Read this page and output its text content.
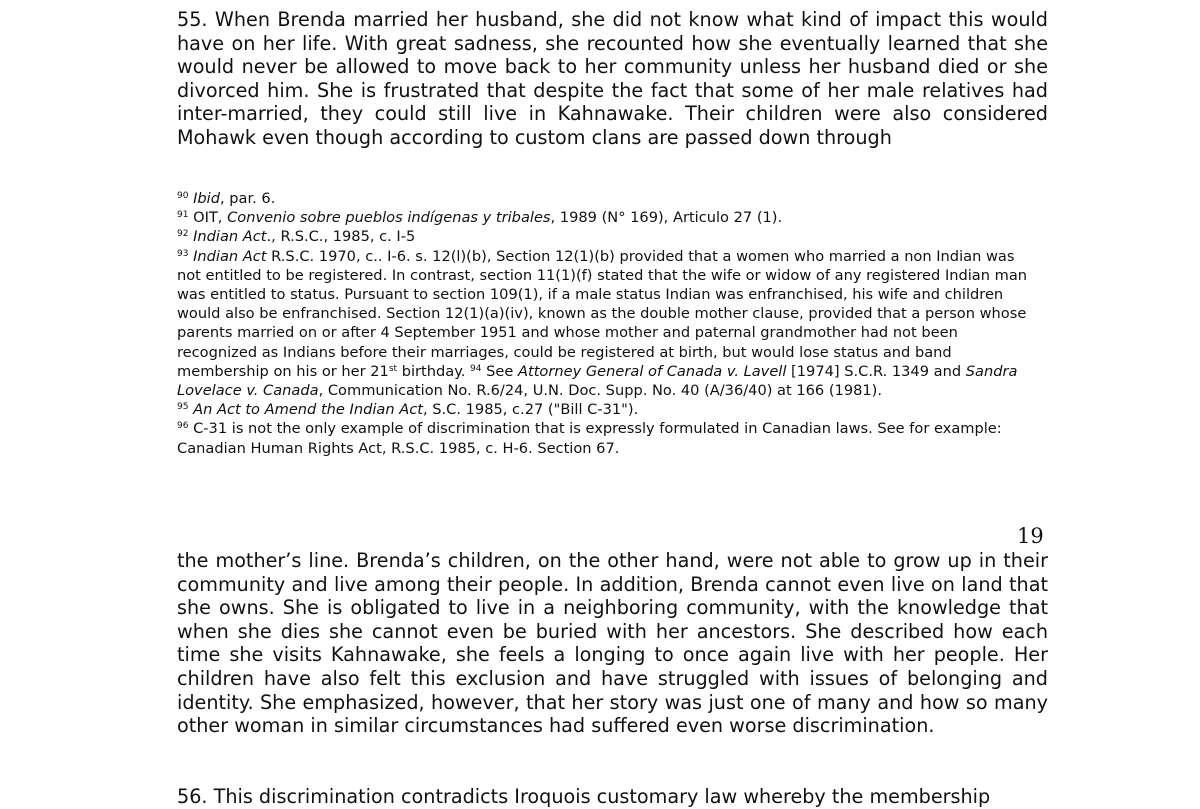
55. When Brenda married her husband, she did not know what kind of impact this would have on her life. With great sadness, she recounted how she eventually learned that she would never be allowed to move back to her community unless her husband died or she divorced him. She is frustrated that despite the fact that some of her male relatives had inter-married, they could still live in Kahnawake. Their children were also considered Mohawk even though according to custom clans are passed down through

$^{90}$ Ibid, par. 6.

$^{91}$ OIT, Convenio sobre pueblos indígenas y tribales, 1989 (N° 169), Articulo 27 (1).

$^{92}$ Indian Act., R.S.C., 1985, c. I-5

$^{93}$ Indian Act R.S.C. 1970, c.. I-6. s. 12(l)(b), Section 12(1)(b) provided that a women who married a non Indian was not entitled to be registered. In contrast, section 11(1)(f) stated that the wife or widow of any registered Indian man was entitled to status. Pursuant to section 109(1), if a male status Indian was enfranchised, his wife and children would also be enfranchised. Section 12(1)(a)(iv), known as the double mother clause, provided that a person whose parents married on or after 4 September 1951 and whose mother and paternal grandmother had not been recognized as Indians before their marriages, could be registered at birth, but would lose status and band membership on his or her 21st birthday. $^{94}$ See Attorney General of Canada v. Lavell [1974] S.C.R. 1349 and Sandra Lovelace v. Canada, Communication No. R.6/24, U.N. Doc. Supp. No. 40 (A/36/40) at 166 (1981).

$^{95}$ An Act to Amend the Indian Act, S.C. 1985, c.27 ("Bill C-31").

$^{96}$ C-31 is not the only example of discrimination that is expressly formulated in Canadian laws. See for example: Canadian Human Rights Act, R.S.C. 1985, c. H-6. Section 67.

19

the mother’s line. Brenda’s children, on the other hand, were not able to grow up in their community and live among their people. In addition, Brenda cannot even live on land that she owns. She is obligated to live in a neighboring community, with the knowledge that when she dies she cannot even be buried with her ancestors. She described how each time she visits Kahnawake, she feels a longing to once again live with her people. Her children have also felt this exclusion and have struggled with issues of belonging and identity. She emphasized, however, that her story was just one of many and how so many other woman in similar circumstances had suffered even worse discrimination.

56. This discrimination contradicts Iroquois customary law whereby the membership
